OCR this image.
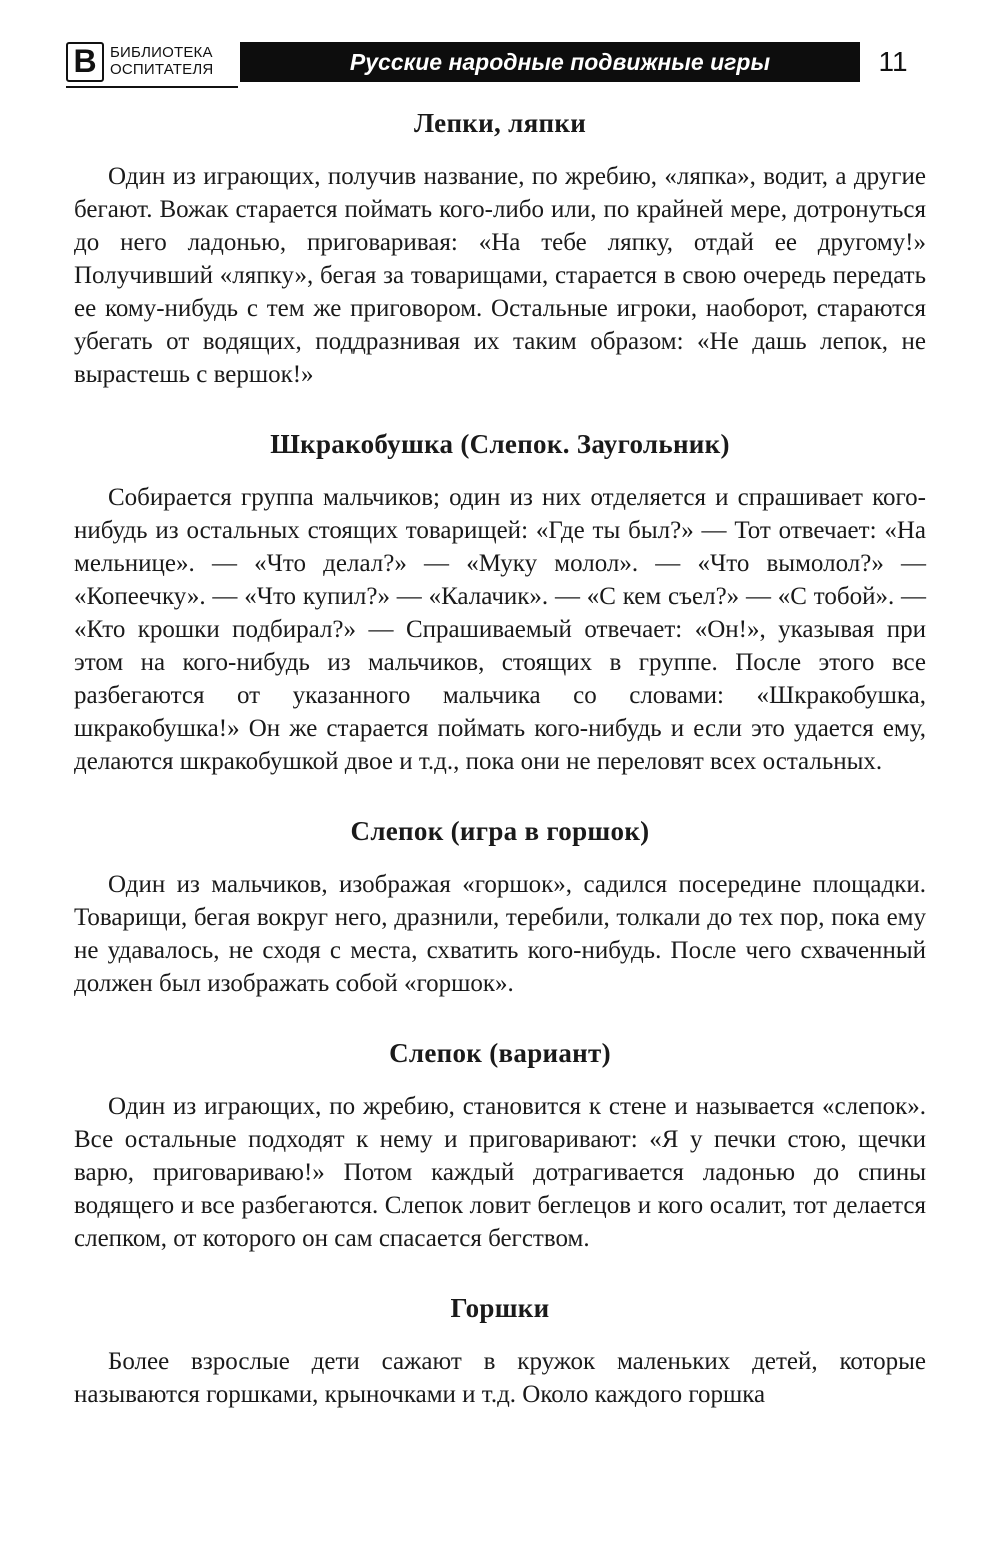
В БИБЛИОТЕКА
ОСПИТАТЕЛЯ	Русские народные подвижные игры	11
Лепки, ляпки

Один из играющих, получив название, по жребию, «ляпка», водит, а другие бегают. Вожак старается поймать кого-либо или, по крайней мере, дотронуться до него ладонью, приговаривая: «На тебе ляпку, отдай ее другому!» Получивший «ляпку», бегая за товарищами, старается в свою очередь передать ее кому-нибудь с тем же приговором. Остальные игроки, наоборот, стараются убегать от водящих, поддразнивая их таким образом: «Не дашь лепок, не вырастешь с вершок!»

Шкракобушка (Слепок. Заугольник)

Собирается группа мальчиков; один из них отделяется и спрашивает кого-нибудь из остальных стоящих товарищей: «Где ты был?» — Тот отвечает: «На мельнице». — «Что делал?» — «Муку молол». — «Что вымолол?» — «Копеечку». — «Что купил?» — «Калачик». — «С кем съел?» — «С тобой». — «Кто крошки подбирал?» — Спрашиваемый отвечает: «Он!», указывая при этом на кого-нибудь из мальчиков, стоящих в группе. После этого все разбегаются от указанного мальчика со словами: «Шкракобушка, шкракобушка!» Он же старается поймать кого-нибудь и если это удается ему, делаются шкракобушкой двое и т.д., пока они не переловят всех остальных.

Слепок (игра в горшок)

Один из мальчиков, изображая «горшок», садился посередине площадки. Товарищи, бегая вокруг него, дразнили, теребили, толкали до тех пор, пока ему не удавалось, не сходя с места, схватить кого-нибудь. После чего схваченный должен был изображать собой «горшок».

Слепок (вариант)

Один из играющих, по жребию, становится к стене и называется «слепок». Все остальные подходят к нему и приговаривают: «Я у печки стою, щечки варю, приговариваю!» Потом каждый дотрагивается ладонью до спины водящего и все разбегаются. Слепок ловит беглецов и кого осалит, тот делается слепком, от которого он сам спасается бегством.

Горшки

Более взрослые дети сажают в кружок маленьких детей, которые называются горшками, крыночками и т.д. Около каждого горшка
